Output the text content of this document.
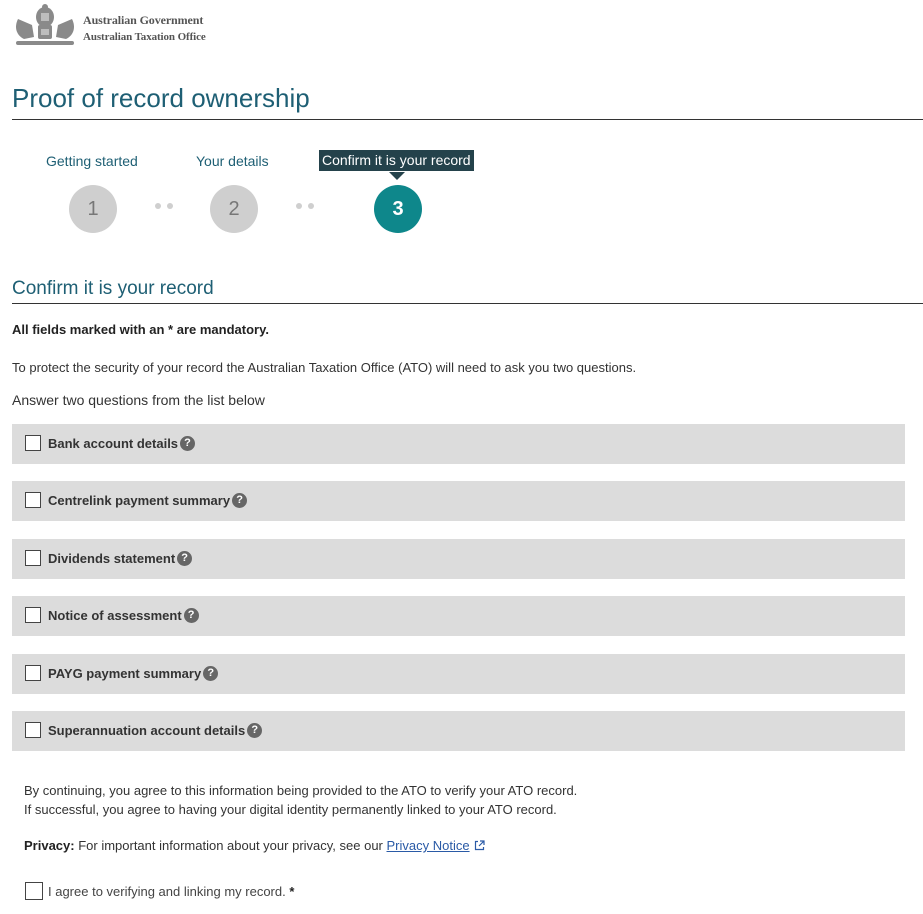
Australian Government
Australian Taxation Office
Proof of record ownership
Getting started	Your details	Confirm it is your record
1	2	3
Confirm it is your record
All fields marked with an * are mandatory.
To protect the security of your record the Australian Taxation Office (ATO) will need to ask you two questions.
Answer two questions from the list below
Bank account details ?
Centrelink payment summary ?
Dividends statement ?
Notice of assessment ?
PAYG payment summary ?
Superannuation account details ?
By continuing, you agree to this information being provided to the ATO to verify your ATO record.
If successful, you agree to having your digital identity permanently linked to your ATO record.
Privacy: For important information about your privacy, see our Privacy Notice
I agree to verifying and linking my record. *
